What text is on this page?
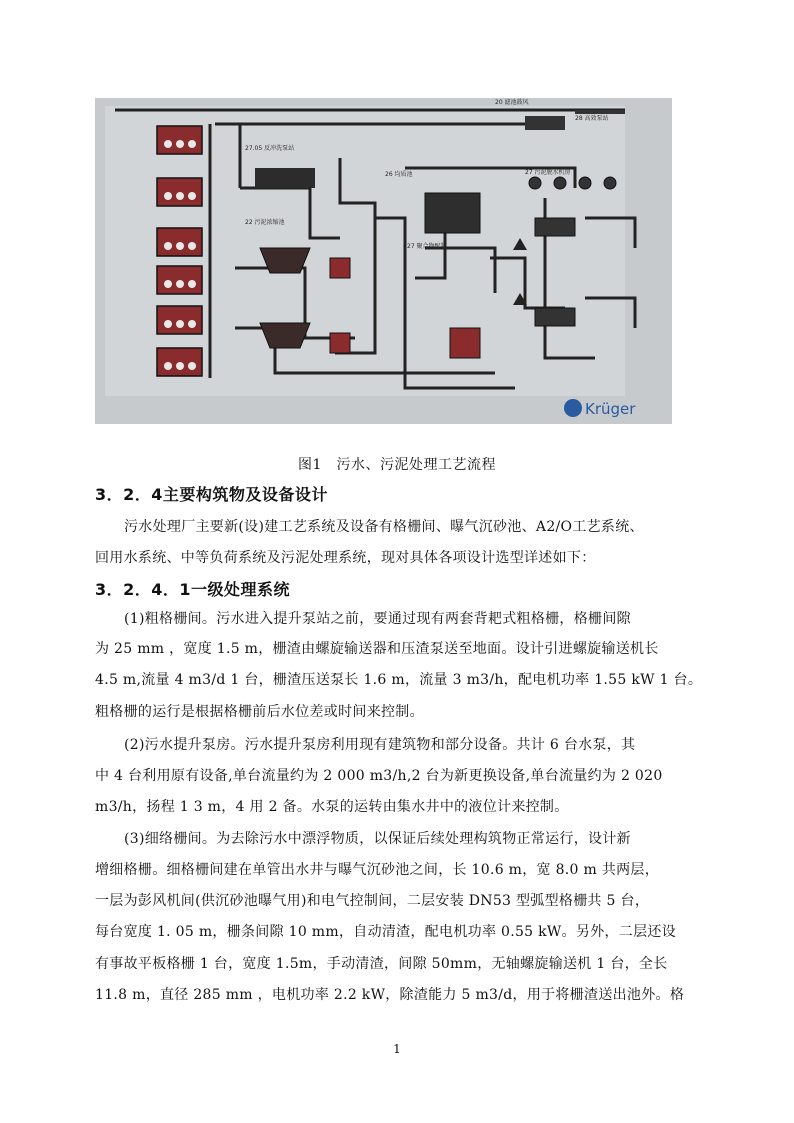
27.05 反冲洗泵站
22 污泥浓缩池
26 均质池	27 污泥脱水机房
27 聚合物配制
28 高效泵站
20 滤池鼓风
Krüger
图1　污水、污泥处理工艺流程
3．2．4主要构筑物及设备设计
污水处理厂主要新(设)建工艺系统及设备有格栅间、曝气沉砂池、A2/O工艺系统、
回用水系统、中等负荷系统及污泥处理系统，现对具体各项设计选型详述如下：
3．2．4．1一级处理系统
(1)粗格栅间。污水进入提升泵站之前，要通过现有两套背耙式粗格栅，格栅间隙
为 25 mm ，宽度 1.5 m，栅渣由螺旋输送器和压渣泵送至地面。设计引进螺旋输送机长
4.5 m,流量 4 m3/d 1 台，栅渣压送泵长 1.6 m，流量 3 m3/h，配电机功率 1.55 kW 1 台。
粗格栅的运行是根据格栅前后水位差或时间来控制。
(2)污水提升泵房。污水提升泵房利用现有建筑物和部分设备。共计 6 台水泵，其
中 4 台利用原有设备,单台流量约为 2 000 m3/h,2 台为新更换设备,单台流量约为 2 020
m3/h，扬程 1 3 m，4 用 2 备。水泵的运转由集水井中的液位计来控制。
(3)细络栅间。为去除污水中漂浮物质，以保证后续处理构筑物正常运行，设计新
增细格栅。细格栅间建在单管出水井与曝气沉砂池之间，长 10.6 m，宽 8.0 m 共两层，
一层为彭风机间(供沉砂池曝气用)和电气控制间，二层安装 DN53 型弧型格栅共 5 台，
每台宽度 1. 05 m，栅条间隙 10 mm，自动清渣，配电机功率 0.55 kW。另外，二层还设
有事故平板格栅 1 台，宽度 1.5m，手动清渣，间隙 50mm，无轴螺旋输送机 1 台，全长
11.8 m，直径 285 mm ，电机功率 2.2 kW，除渣能力 5 m3/d，用于将栅渣送出池外。格
1
